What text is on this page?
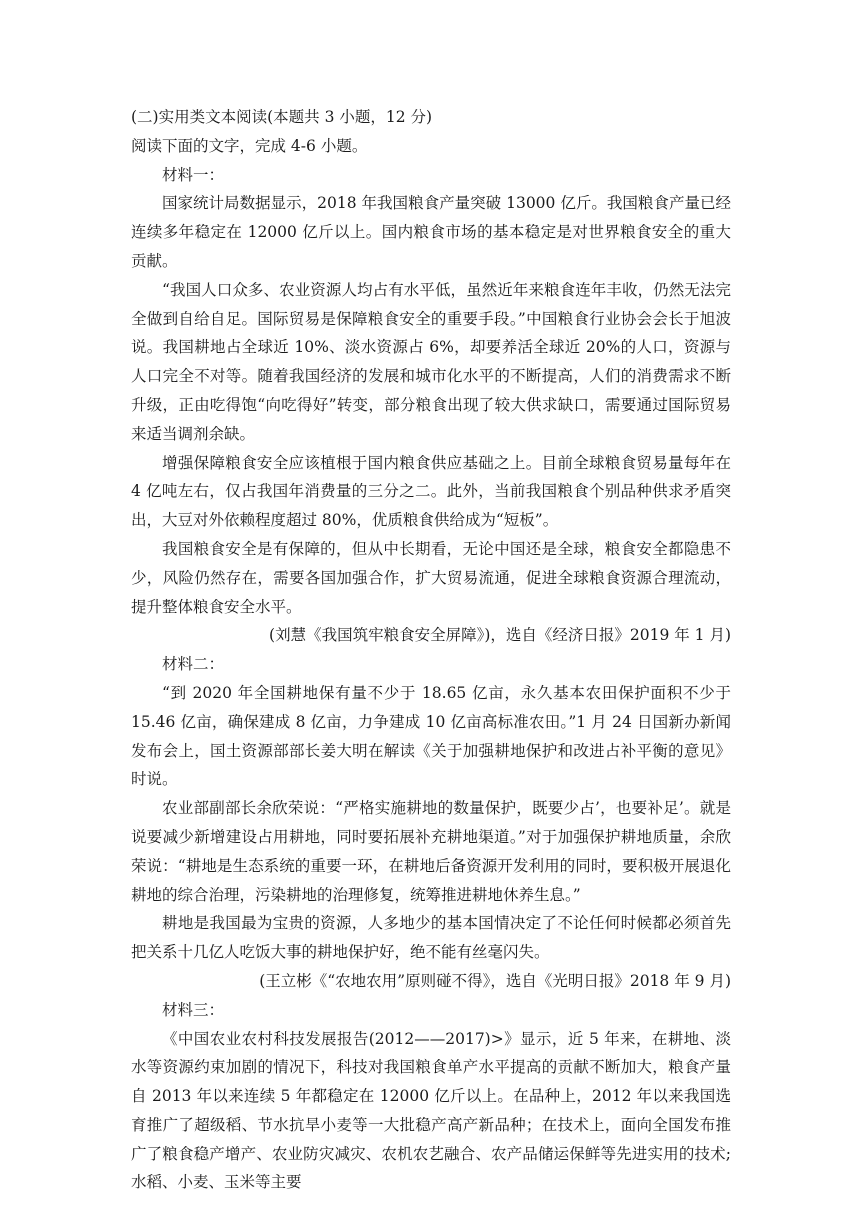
(二)实用类文本阅读(本题共 3 小题，12 分)
阅读下面的文字，完成 4-6 小题。
材料一：

国家统计局数据显示，2018 年我国粮食产量突破 13000 亿斤。我国粮食产量已经连续多年稳定在 12000 亿斤以上。国内粮食市场的基本稳定是对世界粮食安全的重大贡献。

“我国人口众多、农业资源人均占有水平低，虽然近年来粮食连年丰收，仍然无法完全做到自给自足。国际贸易是保障粮食安全的重要手段。”中国粮食行业协会会长于旭波说。我国耕地占全球近 10%、淡水资源占 6%，却要养活全球近 20%的人口，资源与人口完全不对等。随着我国经济的发展和城市化水平的不断提高，人们的消费需求不断升级，正由吃得饱“向吃得好”转变，部分粮食出现了较大供求缺口，需要通过国际贸易来适当调剂余缺。

增强保障粮食安全应该植根于国内粮食供应基础之上。目前全球粮食贸易量每年在 4 亿吨左右，仅占我国年消费量的三分之二。此外，当前我国粮食个别品种供求矛盾突出，大豆对外依赖程度超过 80%，优质粮食供给成为“短板”。

我国粮食安全是有保障的，但从中长期看，无论中国还是全球，粮食安全都隐患不少，风险仍然存在，需要各国加强合作，扩大贸易流通，促进全球粮食资源合理流动，提升整体粮食安全水平。

(刘慧《我国筑牢粮食安全屏障》)，选自《经济日报》2019 年 1 月)
材料二：

“到 2020 年全国耕地保有量不少于 18.65 亿亩，永久基本农田保护面积不少于 15.46 亿亩，确保建成 8 亿亩，力争建成 10 亿亩高标准农田。”1 月 24 日国新办新闻发布会上，国土资源部部长姜大明在解读《关于加强耕地保护和改进占补平衡的意见》时说。

农业部副部长余欣荣说：“严格实施耕地的数量保护，既要少占’，也要补足’。就是说要减少新增建设占用耕地，同时要拓展补充耕地渠道。”对于加强保护耕地质量，余欣荣说：“耕地是生态系统的重要一环，在耕地后备资源开发利用的同时，要积极开展退化耕地的综合治理，污染耕地的治理修复，统筹推进耕地休养生息。”

耕地是我国最为宝贵的资源，人多地少的基本国情决定了不论任何时候都必须首先把关系十几亿人吃饭大事的耕地保护好，绝不能有丝毫闪失。

(王立彬《“农地农用”原则碰不得》，选自《光明日报》2018 年 9 月)
材料三：

《中国农业农村科技发展报告(2012——2017)>》显示，近 5 年来，在耕地、淡水等资源约束加剧的情况下，科技对我国粮食单产水平提高的贡献不断加大，粮食产量自 2013 年以来连续 5 年都稳定在 12000 亿斤以上。在品种上，2012 年以来我国选育推广了超级稻、节水抗旱小麦等一大批稳产高产新品种；在技术上，面向全国发布推广了粮食稳产增产、农业防灾减灾、农机农艺融合、农产品储运保鲜等先进实用的技术;水稻、小麦、玉米等主要
